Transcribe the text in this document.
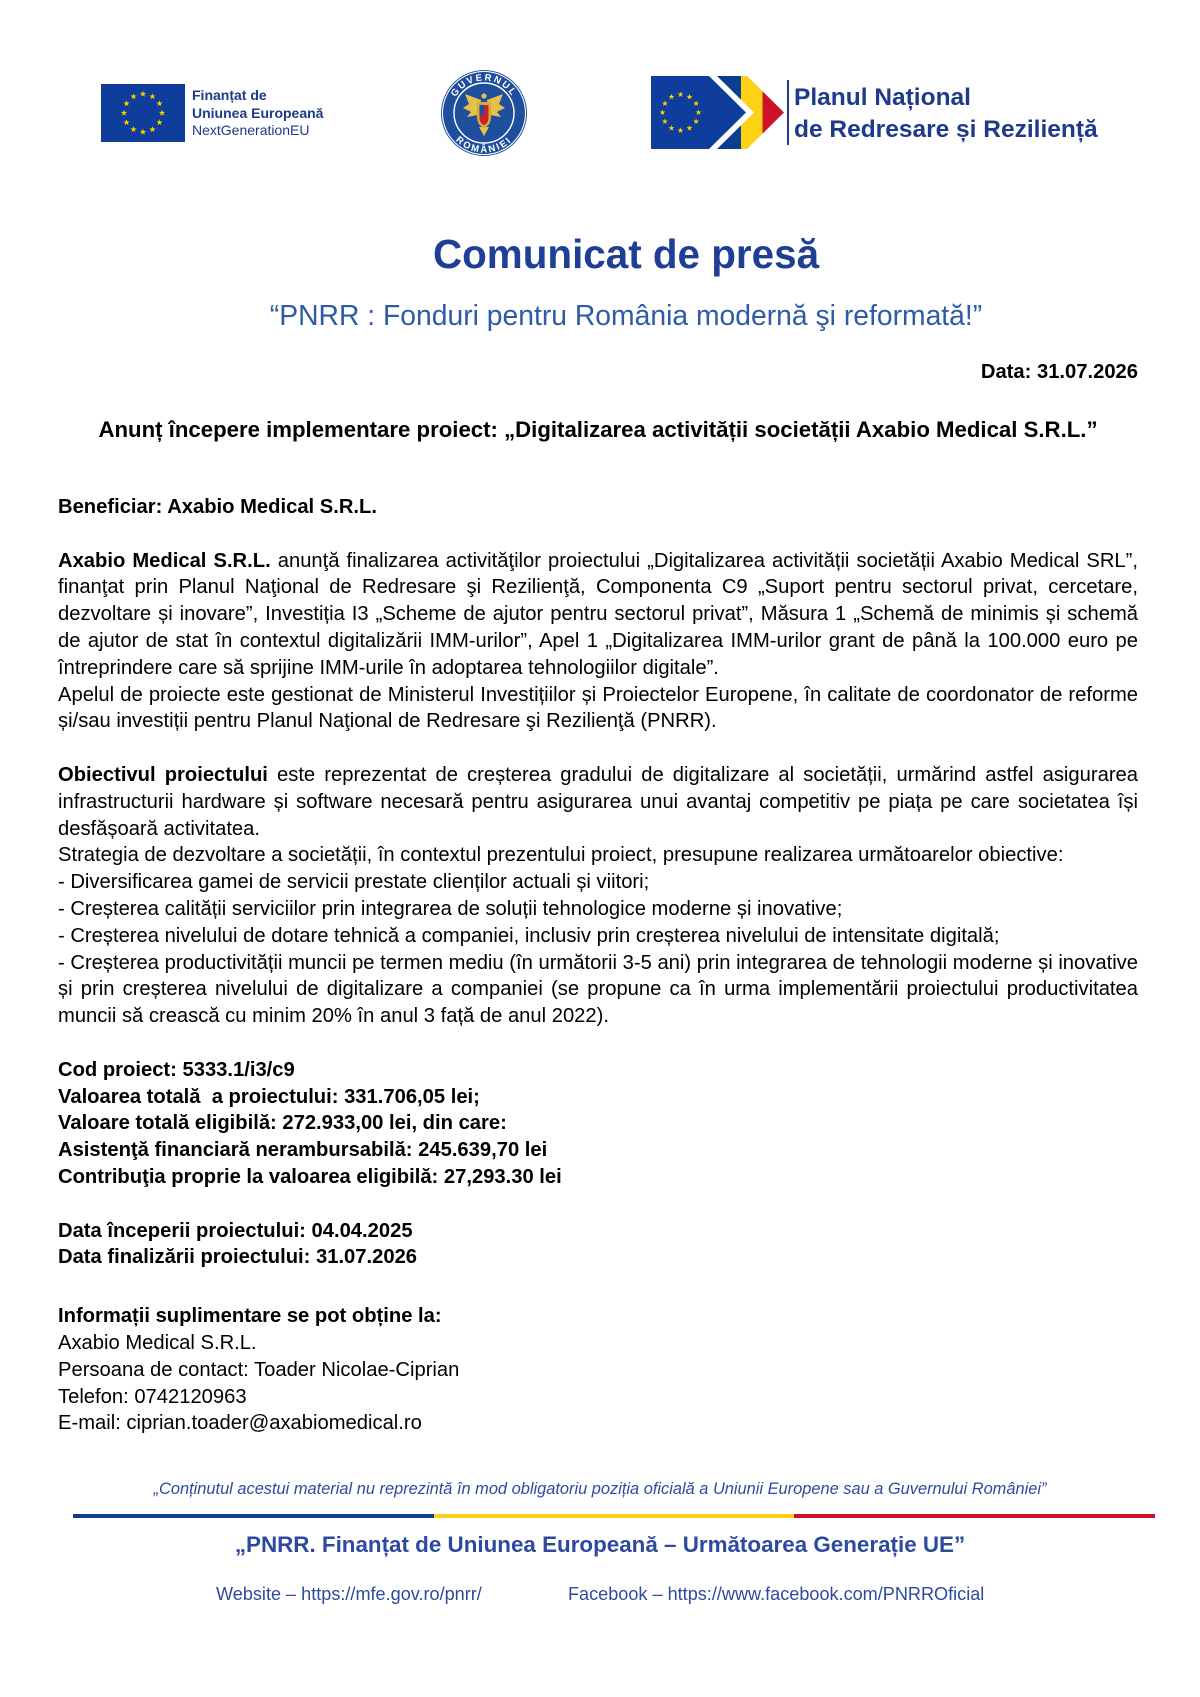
Finanțat de
Uniunea Europeană
NextGenerationEU
GUVERNUL
ROMÂNIEI
Planul Național
de Redresare și Reziliență
Comunicat de presă
“PNRR : Fonduri pentru România modernă şi reformată!”
Data: 31.07.2026
Anunț începere implementare proiect: „Digitalizarea activității societății Axabio Medical S.R.L.”

Beneficiar: Axabio Medical S.R.L.

Axabio Medical S.R.L. anunţă finalizarea activităţilor proiectului „Digitalizarea activității societății Axabio Medical SRL”, finanţat prin Planul Naţional de Redresare şi Rezilienţă, Componenta C9 „Suport pentru sectorul privat, cercetare, dezvoltare și inovare”, Investiția I3 „Scheme de ajutor pentru sectorul privat”, Măsura 1 „Schemă de minimis și schemă de ajutor de stat în contextul digitalizării IMM-urilor”, Apel 1 „Digitalizarea IMM-urilor grant de până la 100.000 euro pe întreprindere care să sprijine IMM-urile în adoptarea tehnologiilor digitale”.

Apelul de proiecte este gestionat de Ministerul Investițiilor și Proiectelor Europene, în calitate de coordonator de reforme și/sau investiții pentru Planul Naţional de Redresare şi Rezilienţă (PNRR).

Obiectivul proiectului este reprezentat de creșterea gradului de digitalizare al societății, urmărind astfel asigurarea infrastructurii hardware și software necesară pentru asigurarea unui avantaj competitiv pe piața pe care societatea își desfășoară activitatea.

Strategia de dezvoltare a societății, în contextul prezentului proiect, presupune realizarea următoarelor obiective:

- Diversificarea gamei de servicii prestate clienților actuali și viitori;

- Creșterea calității serviciilor prin integrarea de soluții tehnologice moderne și inovative;

- Creșterea nivelului de dotare tehnică a companiei, inclusiv prin creșterea nivelului de intensitate digitală;

- Creșterea productivității muncii pe termen mediu (în următorii 3-5 ani) prin integrarea de tehnologii moderne și inovative și prin creșterea nivelului de digitalizare a companiei (se propune ca în urma implementării proiectului productivitatea muncii să crească cu minim 20% în anul 3 față de anul 2022).

Cod proiect: 5333.1/i3/c9

Valoarea totală  a proiectului: 331.706,05 lei;

Valoare totală eligibilă: 272.933,00 lei, din care:

Asistenţă financiară nerambursabilă: 245.639,70 lei

Contribuţia proprie la valoarea eligibilă: 27,293.30 lei

Data începerii proiectului: 04.04.2025

Data finalizării proiectului: 31.07.2026

Informații suplimentare se pot obține la:

Axabio Medical S.R.L.

Persoana de contact: Toader Nicolae-Ciprian

Telefon: 0742120963

E-mail: ciprian.toader@axabiomedical.ro

„Conținutul acestui material nu reprezintă în mod obligatoriu poziția oficială a Uniunii Europene sau a Guvernului României”
„PNRR. Finanțat de Uniunea Europeană – Următoarea Generație UE”
Website – https://mfe.gov.ro/pnrr/	Facebook – https://www.facebook.com/PNRROficial
